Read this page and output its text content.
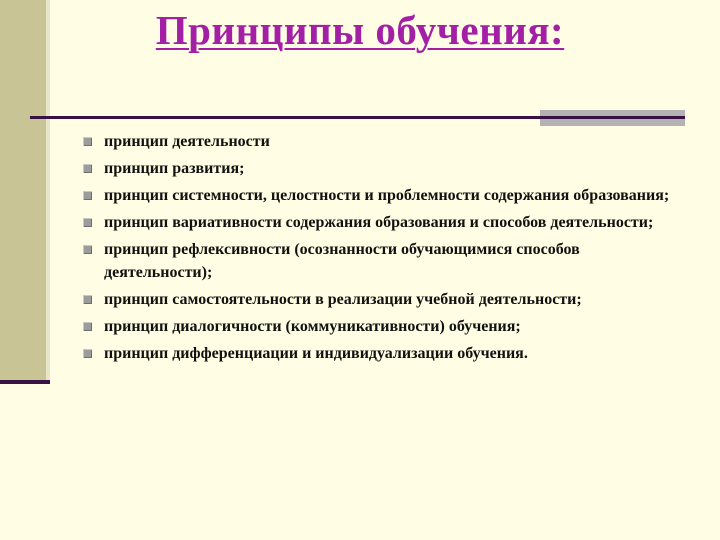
Принципы обучения:
принцип деятельности
принцип развития;
принцип системности, целостности и проблемности содержания образования;
принцип вариативности содержания образования и способов деятельности;
принцип рефлексивности (осознанности обучающимися способов деятельности);
принцип самостоятельности в реализации учебной деятельности;
принцип диалогичности (коммуникативности) обучения;
принцип дифференциации и индивидуализации обучения.
